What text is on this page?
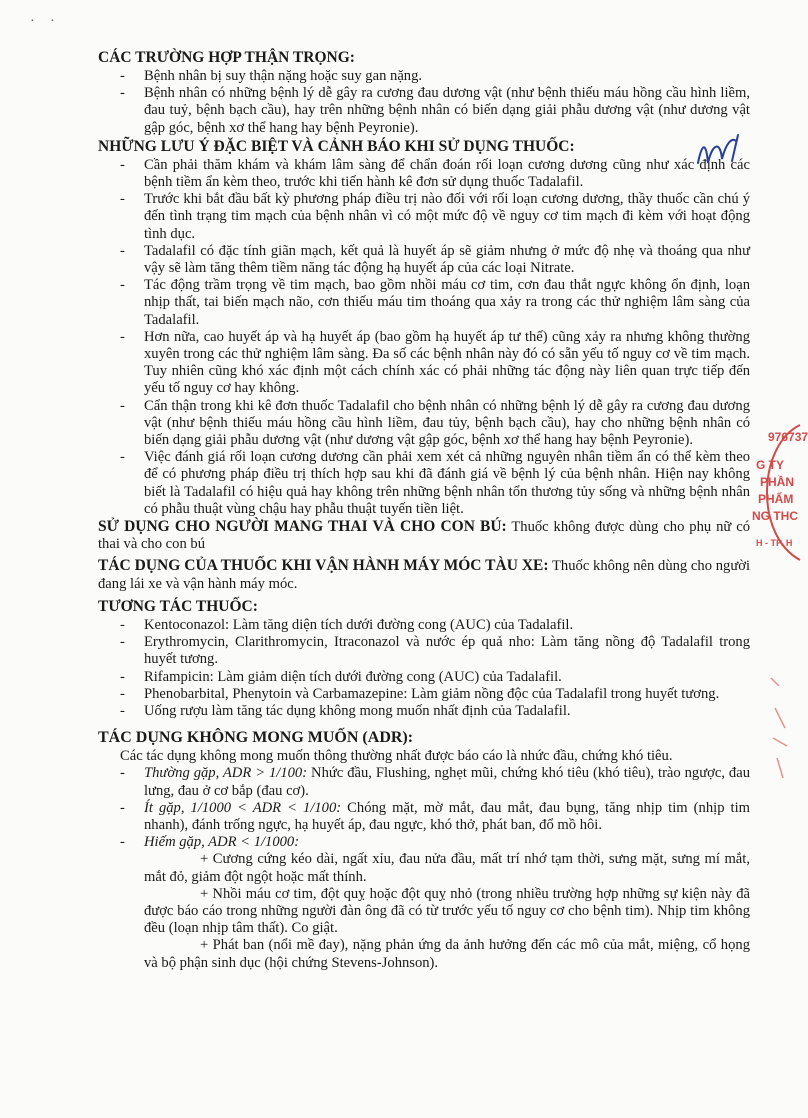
· ·
CÁC TRƯỜNG HỢP THẬN TRỌNG:
- Bệnh nhân bị suy thận nặng hoặc suy gan nặng.
- Bệnh nhân có những bệnh lý dễ gây ra cương đau dương vật (như bệnh thiếu máu hồng cầu hình liềm, đau tuỷ, bệnh bạch cầu), hay trên những bệnh nhân có biến dạng giải phẫu dương vật (như dương vật gập góc, bệnh xơ thể hang hay bệnh Peyronie).
NHỮNG LƯU Ý ĐẶC BIỆT VÀ CẢNH BÁO KHI SỬ DỤNG THUỐC:
- Cần phải thăm khám và khám lâm sàng để chẩn đoán rối loạn cương dương cũng như xác định các bệnh tiềm ẩn kèm theo, trước khi tiến hành kê đơn sử dụng thuốc Tadalafil.
- Trước khi bắt đầu bất kỳ phương pháp điều trị nào đối với rối loạn cương dương, thầy thuốc cần chú ý đến tình trạng tim mạch của bệnh nhân vì có một mức độ về nguy cơ tim mạch đi kèm với hoạt động tình dục.
- Tadalafil có đặc tính giãn mạch, kết quả là huyết áp sẽ giảm nhưng ở mức độ nhẹ và thoáng qua như vậy sẽ làm tăng thêm tiềm năng tác động hạ huyết áp của các loại Nitrate.
- Tác động trầm trọng về tim mạch, bao gồm nhồi máu cơ tim, cơn đau thắt ngực không ổn định, loạn nhịp thất, tai biến mạch não, cơn thiếu máu tim thoáng qua xảy ra trong các thử nghiệm lâm sàng của Tadalafil.
- Hơn nữa, cao huyết áp và hạ huyết áp (bao gồm hạ huyết áp tư thế) cũng xảy ra nhưng không thường xuyên trong các thử nghiệm lâm sàng. Đa số các bệnh nhân này đó có sẵn yếu tố nguy cơ về tim mạch. Tuy nhiên cũng khó xác định một cách chính xác có phải những tác động này liên quan trực tiếp đến yếu tố nguy cơ hay không.
- Cẩn thận trong khi kê đơn thuốc Tadalafil cho bệnh nhân có những bệnh lý dễ gây ra cương đau dương vật (như bệnh thiếu máu hồng cầu hình liềm, đau tủy, bệnh bạch cầu), hay cho những bệnh nhân có biến dạng giải phẫu dương vật (như dương vật gập góc, bệnh xơ thể hang hay bệnh Peyronie).
- Việc đánh giá rối loạn cương dương cần phải xem xét cả những nguyên nhân tiềm ẩn có thể kèm theo để có phương pháp điều trị thích hợp sau khi đã đánh giá về bệnh lý của bệnh nhân. Hiện nay không biết là Tadalafil có hiệu quả hay không trên những bệnh nhân tổn thương tủy sống và những bệnh nhân có phẫu thuật vùng chậu hay phẫu thuật tuyến tiền liệt.

SỬ DỤNG CHO NGƯỜI MANG THAI VÀ CHO CON BÚ: Thuốc không được dùng cho phụ nữ có thai và cho con bú

TÁC DỤNG CỦA THUỐC KHI VẬN HÀNH MÁY MÓC TÀU XE: Thuốc không nên dùng cho người đang lái xe và vận hành máy móc.

TƯƠNG TÁC THUỐC:
- Kentoconazol: Làm tăng diện tích dưới đường cong (AUC) của Tadalafil.
- Erythromycin, Clarithromycin, Itraconazol và nước ép quả nho: Làm tăng nồng độ Tadalafil trong huyết tương.
- Rifampicin: Làm giảm diện tích dưới đường cong (AUC) của Tadalafil.
- Phenobarbital, Phenytoin và Carbamazepine: Làm giảm nồng độc của Tadalafil trong huyết tương.
- Uống rượu làm tăng tác dụng không mong muốn nhất định của Tadalafil.
TÁC DỤNG KHÔNG MONG MUỐN (ADR):

Các tác dụng không mong muốn thông thường nhất được báo cáo là nhức đầu, chứng khó tiêu.

- Thường gặp, ADR > 1/100: Nhức đầu, Flushing, nghẹt mũi, chứng khó tiêu (khó tiêu), trào ngược, đau lưng, đau ở cơ bắp (đau cơ).
- Ít gặp, 1/1000 < ADR < 1/100: Chóng mặt, mờ mắt, đau mắt, đau bụng, tăng nhịp tim (nhịp tim nhanh), đánh trống ngực, hạ huyết áp, đau ngực, khó thở, phát ban, đổ mồ hôi.
- Hiếm gặp, ADR < 1/1000:

+ Cương cứng kéo dài, ngất xỉu, đau nửa đầu, mất trí nhớ tạm thời, sưng mặt, sưng mí mắt, mắt đỏ, giảm đột ngột hoặc mất thính.

+ Nhồi máu cơ tim, đột quỵ hoặc đột quỵ nhỏ (trong nhiều trường hợp những sự kiện này đã được báo cáo trong những người đàn ông đã có từ trước yếu tố nguy cơ cho bệnh tim). Nhịp tim không đều (loạn nhịp tâm thất). Co giật.

+ Phát ban (nổi mề đay), nặng phản ứng da ảnh hưởng đến các mô của mắt, miệng, cổ họng và bộ phận sinh dục (hội chứng Stevens-Johnson).

976737
G TY
PHẦN
PHẨM
NG THC
H - TP. H
